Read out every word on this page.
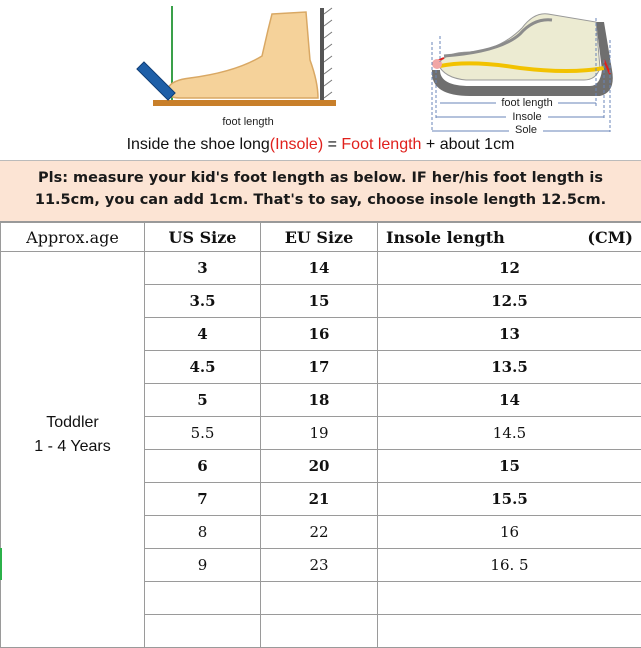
foot length
foot length
Insole
Sole
Inside the shoe long(Insole) = Foot length + about 1cm

Pls: measure your kid's foot length as below. IF her/his foot length is

11.5cm, you can add 1cm. That's to say, choose insole length 12.5cm.

Approx.age	US Size	EU Size	Insole length (CM)

Toddler
1 - 4 Years	3	14	12
	3.5	15	12.5
	4	16	13
	4.5	17	13.5
	5	18	14
	5.5	19	14.5
	6	20	15
	7	21	15.5
	8	22	16
	9	23	16. 5
